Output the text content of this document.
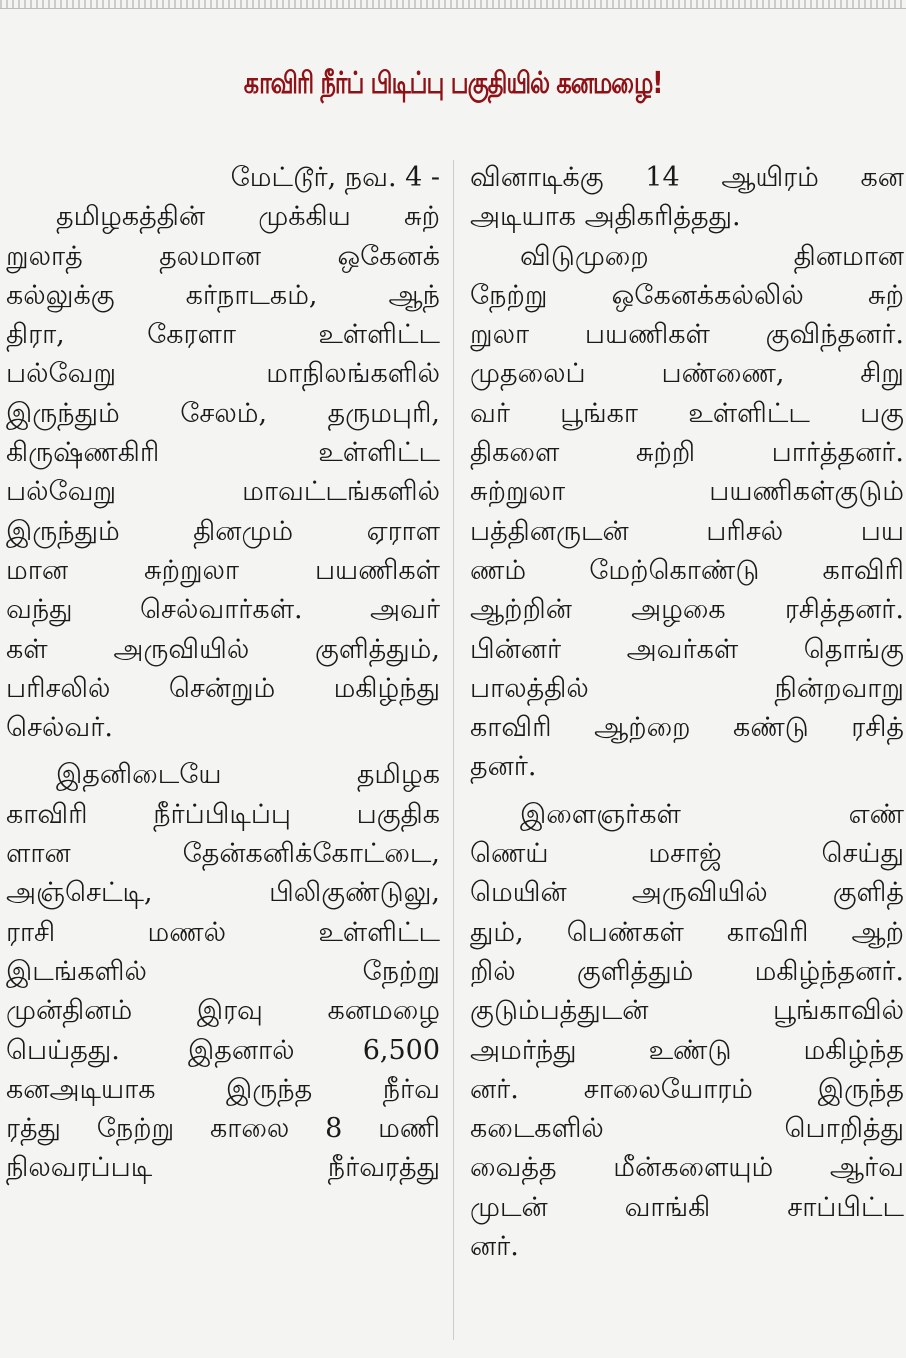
காவிரி நீர்ப் பிடிப்பு பகுதியில் கனமழை!
மேட்டூர், நவ. 4 -
தமிழகத்தின் முக்கிய சுற்
றுலாத் தலமான ஒகேனக்
கல்லுக்கு கர்நாடகம், ஆந்
திரா, கேரளா உள்ளிட்ட
பல்வேறு மாநிலங்களில்
இருந்தும் சேலம், தருமபுரி,
கிருஷ்ணகிரி உள்ளிட்ட
பல்வேறு மாவட்டங்களில்
இருந்தும் தினமும் ஏராள
மான சுற்றுலா பயணிகள்
வந்து செல்வார்கள். அவர்
கள் அருவியில் குளித்தும்,
பரிசலில் சென்றும் மகிழ்ந்து
செல்வர்.
இதனிடையே தமிழக
காவிரி நீர்ப்பிடிப்பு பகுதிக
ளான தேன்கனிக்கோட்டை,
அஞ்செட்டி, பிலிகுண்டுலு,
ராசி மணல் உள்ளிட்ட
இடங்களில் நேற்று
முன்தினம் இரவு கனமழை
பெய்தது. இதனால் 6,500
கனஅடியாக இருந்த நீர்வ
ரத்து நேற்று காலை 8 மணி
நிலவரப்படி நீர்வரத்து
வினாடிக்கு 14 ஆயிரம் கன
அடியாக அதிகரித்தது.
விடுமுறை தினமான
நேற்று ஒகேனக்கல்லில் சுற்
றுலா பயணிகள் குவிந்தனர்.
முதலைப் பண்ணை, சிறு
வர் பூங்கா உள்ளிட்ட பகு
திகளை சுற்றி பார்த்தனர்.
சுற்றுலா பயணிகள்குடும்
பத்தினருடன் பரிசல் பய
ணம் மேற்கொண்டு காவிரி
ஆற்றின் அழகை ரசித்தனர்.
பின்னர் அவர்கள் தொங்கு
பாலத்தில் நின்றவாறு
காவிரி ஆற்றை கண்டு ரசித்
தனர்.
இளைஞர்கள் எண்
ணெய் மசாஜ் செய்து
மெயின் அருவியில் குளித்
தும், பெண்கள் காவிரி ஆற்
றில் குளித்தும் மகிழ்ந்தனர்.
குடும்பத்துடன் பூங்காவில்
அமர்ந்து உண்டு மகிழ்ந்த
னர். சாலையோரம் இருந்த
கடைகளில் பொறித்து
வைத்த மீன்களையும் ஆர்வ
முடன் வாங்கி சாப்பிட்ட
னர்.
